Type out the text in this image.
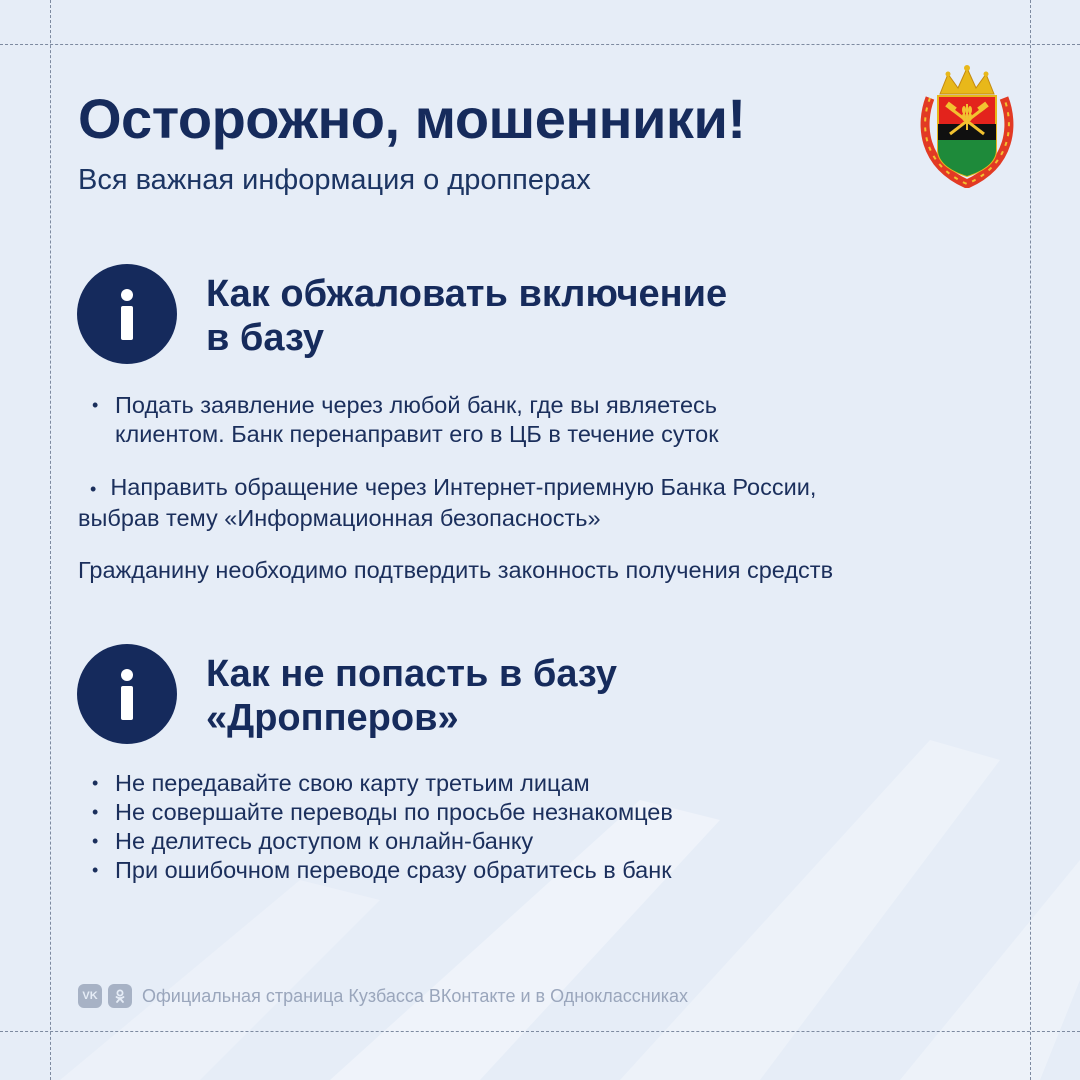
Осторожно, мошенники!
Вся важная информация о дропперах
Как обжаловать включение
в базу
• Подать заявление через любой банк, где вы являетесь
клиентом. Банк перенаправит его в ЦБ в течение суток
• Направить обращение через Интернет-приемную Банка России,
выбрав тему «Информационная безопасность»
Гражданину необходимо подтвердить законность получения средств
Как не попасть в базу
«Дропперов»
• Не передавайте свою карту третьим лицам
• Не совершайте переводы по просьбе незнакомцев
• Не делитесь доступом к онлайн-банку
• При ошибочном переводе сразу обратитесь в банк
VK Официальная страница Кузбасса ВКонтакте и в Одноклассниках
